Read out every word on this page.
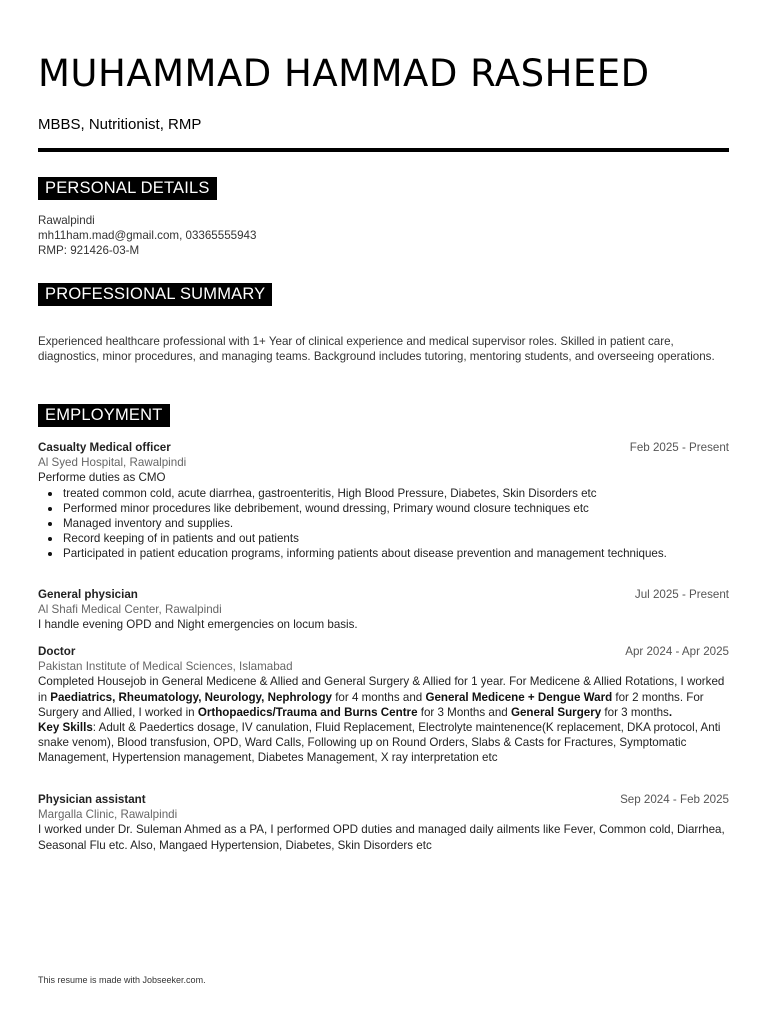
MUHAMMAD HAMMAD RASHEED
MBBS, Nutritionist, RMP
PERSONAL DETAILS
Rawalpindi
mh11ham.mad@gmail.com, 03365555943
RMP: 921426-03-M
PROFESSIONAL SUMMARY
Experienced healthcare professional with 1+ Year of clinical experience and medical supervisor roles. Skilled in patient care, diagnostics, minor procedures, and managing teams. Background includes tutoring, mentoring students, and overseeing operations.
EMPLOYMENT
Casualty Medical officer	Feb 2025 - Present
Al Syed Hospital, Rawalpindi
Performe duties as CMO
treated common cold, acute diarrhea, gastroenteritis, High Blood Pressure, Diabetes, Skin Disorders etc
Performed minor procedures like debribement, wound dressing, Primary wound closure techniques etc
Managed inventory and supplies.
Record keeping of in patients and out patients
Participated in patient education programs, informing patients about disease prevention and management techniques.
General physician	Jul 2025 - Present
Al Shafi Medical Center, Rawalpindi
I handle evening OPD and Night emergencies on locum basis.
Doctor	Apr 2024 - Apr 2025
Pakistan Institute of Medical Sciences, Islamabad
Completed Housejob in General Medicene & Allied and General Surgery & Allied for 1 year. For Medicene & Allied Rotations, I worked in Paediatrics, Rheumatology, Neurology, Nephrology for 4 months and General Medicene + Dengue Ward for 2 months. For Surgery and Allied, I worked in Orthopaedics/Trauma and Burns Centre for 3 Months and General Surgery for 3 months.
Key Skills: Adult & Paedertics dosage, IV canulation, Fluid Replacement, Electrolyte maintenence(K replacement, DKA protocol, Anti snake venom), Blood transfusion, OPD, Ward Calls, Following up on Round Orders, Slabs & Casts for Fractures, Symptomatic Management, Hypertension management, Diabetes Management, X ray interpretation etc
Physician assistant	Sep 2024 - Feb 2025
Margalla Clinic, Rawalpindi
I worked under Dr. Suleman Ahmed as a PA, I performed OPD duties and managed daily ailments like Fever, Common cold, Diarrhea, Seasonal Flu etc. Also, Mangaed Hypertension, Diabetes, Skin Disorders etc
This resume is made with Jobseeker.com.
